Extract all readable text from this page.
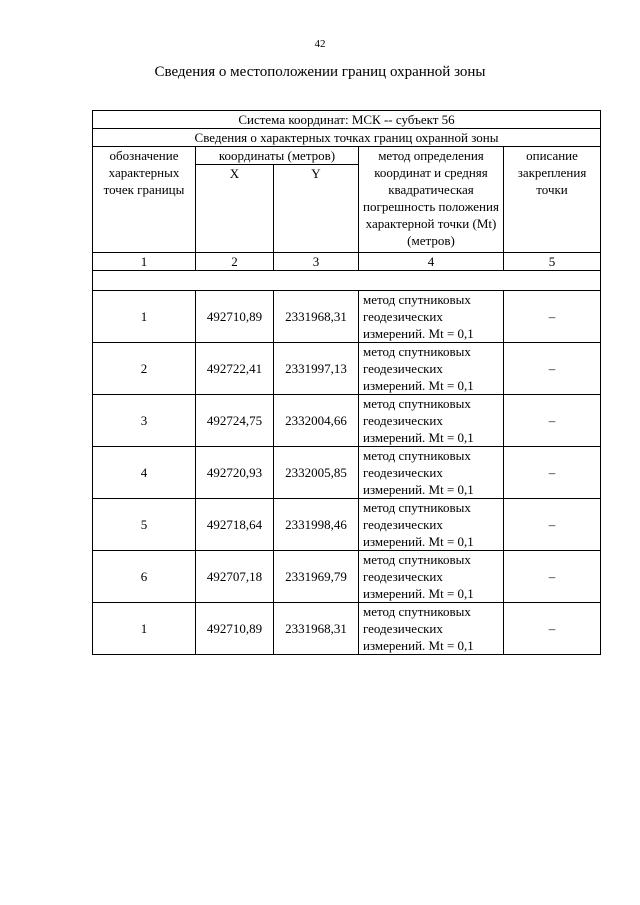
42
Сведения о местоположении границ охранной зоны
Система координат: МСК -- субъект 56				
Сведения о характерных точках границ охранной зоны				
обозначение характерных точек границы	координаты (метров)		метод определения координат и средняя квадратическая погрешность положения характерной точки (Mt) (метров)	описание закрепления точки
	X	Y		
1	2	3	4	5

1	492710,89	2331968,31	метод спутниковых геодезических измерений. Mt = 0,1	–
2	492722,41	2331997,13	метод спутниковых геодезических измерений. Mt = 0,1	–
3	492724,75	2332004,66	метод спутниковых геодезических измерений. Mt = 0,1	–
4	492720,93	2332005,85	метод спутниковых геодезических измерений. Mt = 0,1	–
5	492718,64	2331998,46	метод спутниковых геодезических измерений. Mt = 0,1	–
6	492707,18	2331969,79	метод спутниковых геодезических измерений. Mt = 0,1	–
1	492710,89	2331968,31	метод спутниковых геодезических измерений. Mt = 0,1	–
